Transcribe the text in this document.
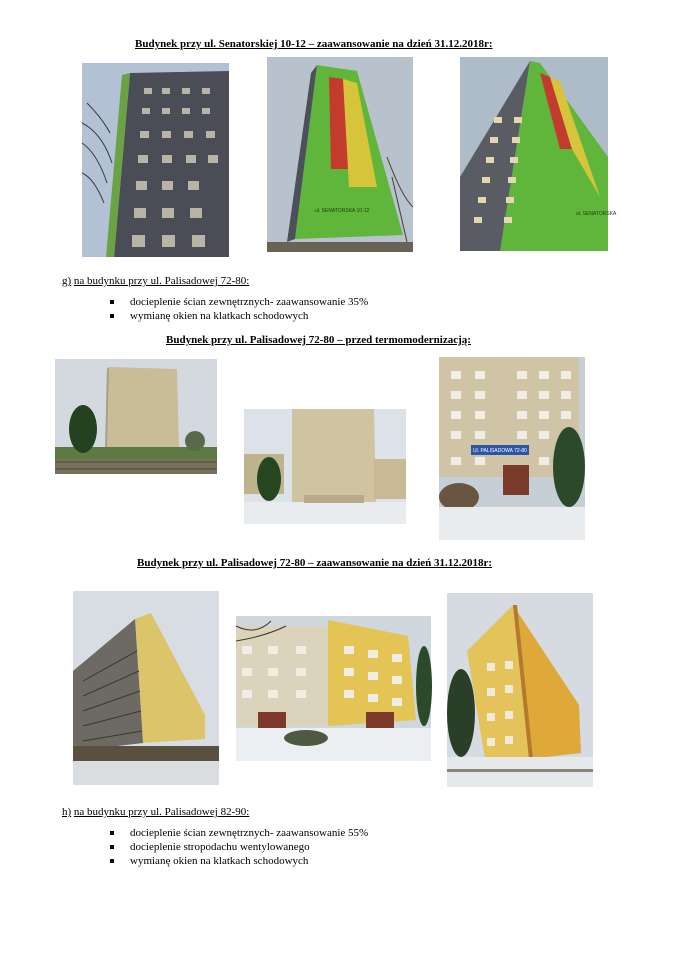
Budynek przy ul. Senatorskiej 10-12 – zaawansowanie na dzień 31.12.2018r:
ul. SENATORSKA 10-12	ul. SENATORSKA
g) na budynku przy ul. Palisadowej 72-80:
docieplenie ścian zewnętrznych- zaawansowanie 35%
wymianę okien na klatkach schodowych
Budynek przy ul. Palisadowej 72-80 – przed termomodernizacją:
Ul. PALISADOWA 72-80
Budynek przy ul. Palisadowej 72-80 – zaawansowanie na dzień 31.12.2018r:
h) na budynku przy ul. Palisadowej 82-90:
docieplenie ścian zewnętrznych- zaawansowanie 55%
docieplenie stropodachu wentylowanego
wymianę okien na klatkach schodowych
